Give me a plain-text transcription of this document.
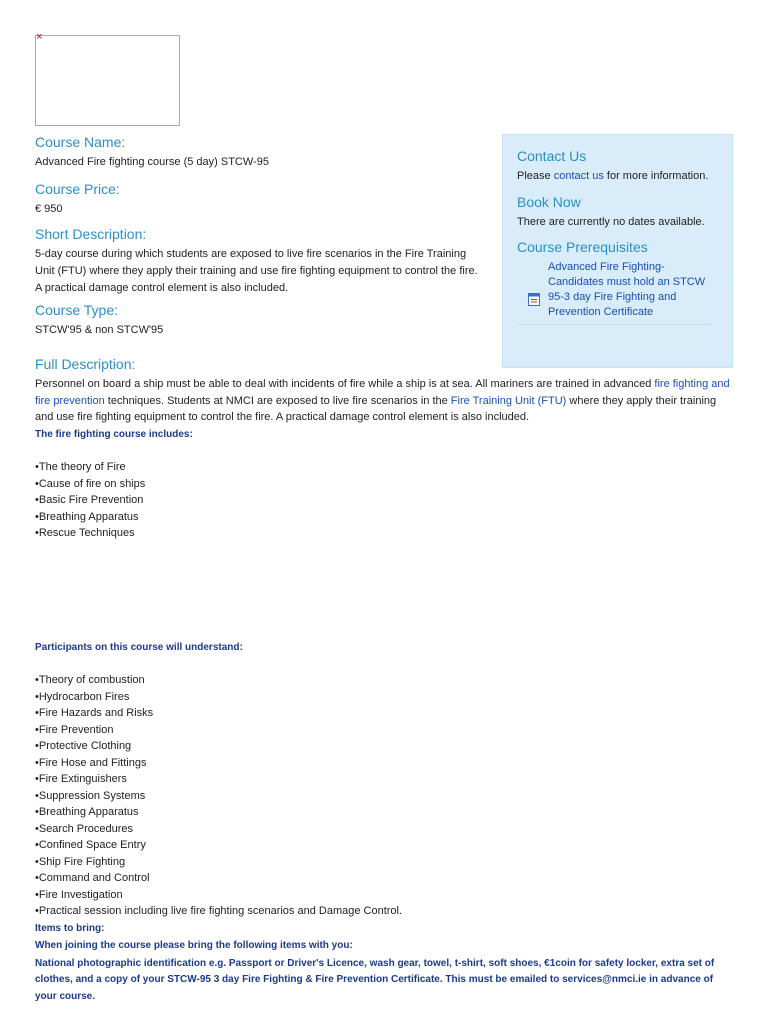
×
Course Name:

Advanced Fire fighting course (5 day) STCW-95

Course Price:

€ 950

Short Description:

5-day course during which students are exposed to live fire scenarios in the Fire Training Unit (FTU) where they apply their training and use fire fighting equipment to control the fire. A practical damage control element is also included.

Course Type:

STCW'95 & non STCW'95

Contact Us

Please contact us for more information.

Book Now

There are currently no dates available.

Course Prerequisites
Advanced Fire Fighting-Candidates must hold an STCW 95-3 day Fire Fighting and Prevention Certificate
Full Description:

Personnel on board a ship must be able to deal with incidents of fire while a ship is at sea. All mariners are trained in advanced fire fighting and fire prevention techniques. Students at NMCI are exposed to live fire scenarios in the Fire Training Unit (FTU) where they apply their training and use fire fighting equipment to control the fire. A practical damage control element is also included.

The fire fighting course includes:

•The theory of Fire
•Cause of fire on ships
•Basic Fire Prevention
•Breathing Apparatus
•Rescue Techniques

Participants on this course will understand:

•Theory of combustion
•Hydrocarbon Fires
•Fire Hazards and Risks
•Fire Prevention
•Protective Clothing
•Fire Hose and Fittings
•Fire Extinguishers
•Suppression Systems
•Breathing Apparatus
•Search Procedures
•Confined Space Entry
•Ship Fire Fighting
•Command and Control
•Fire Investigation
•Practical session including live fire fighting scenarios and Damage Control.

Items to bring:

When joining the course please bring the following items with you:

National photographic identification e.g. Passport or Driver's Licence, wash gear, towel, t-shirt, soft shoes, €1coin for safety locker, extra set of clothes, and a copy of your STCW-95 3 day Fire Fighting & Fire Prevention Certificate. This must be emailed to services@nmci.ie in advance of your course.
